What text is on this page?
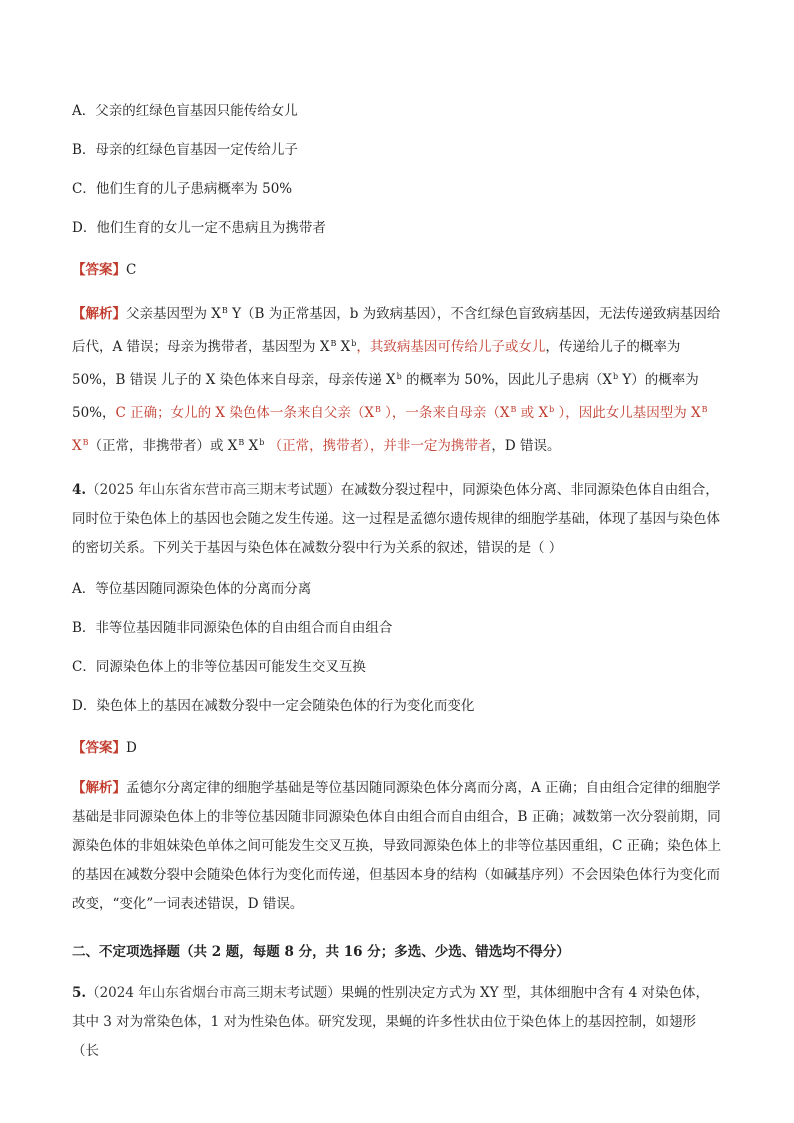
A．父亲的红绿色盲基因只能传给女儿
B．母亲的红绿色盲基因一定传给儿子
C．他们生育的儿子患病概率为 50%
D．他们生育的女儿一定不患病且为携带者
【答案】C
【解析】父亲基因型为 $X^B$ Y（B 为正常基因，b 为致病基因），不含红绿色盲致病基因，无法传递致病基因给后代，A 错误；母亲为携带者，基因型为 $X^B$ $X^b$，其致病基因可传给儿子或女儿，传递给儿子的概率为 50%，B 错误 儿子的 X 染色体来自母亲，母亲传递 $X^b$ 的概率为 50%，因此儿子患病（$X^b$ Y）的概率为 50%，C 正确；女儿的 X 染色体一条来自父亲（$X^B$ ），一条来自母亲（$X^B$ 或 $X^b$ ），因此女儿基因型为 $X^B$ $X^B$（正常，非携带者）或 $X^B$ $X^b$ （正常，携带者），并非一定为携带者，D 错误。
4.（2025 年山东省东营市高三期末考试题）在减数分裂过程中，同源染色体分离、非同源染色体自由组合，同时位于染色体上的基因也会随之发生传递。这一过程是孟德尔遗传规律的细胞学基础，体现了基因与染色体的密切关系。下列关于基因与染色体在减数分裂中行为关系的叙述，错误的是（ ）
A．等位基因随同源染色体的分离而分离
B．非等位基因随非同源染色体的自由组合而自由组合
C．同源染色体上的非等位基因可能发生交叉互换
D．染色体上的基因在减数分裂中一定会随染色体的行为变化而变化
【答案】D
【解析】孟德尔分离定律的细胞学基础是等位基因随同源染色体分离而分离，A 正确；自由组合定律的细胞学基础是非同源染色体上的非等位基因随非同源染色体自由组合而自由组合，B 正确；减数第一次分裂前期，同源染色体的非姐妹染色单体之间可能发生交叉互换，导致同源染色体上的非等位基因重组，C 正确；染色体上的基因在减数分裂中会随染色体行为变化而传递，但基因本身的结构（如碱基序列）不会因染色体行为变化而改变，“变化”一词表述错误，D 错误。
二、不定项选择题（共 2 题，每题 8 分，共 16 分；多选、少选、错选均不得分）
5.（2024 年山东省烟台市高三期末考试题）果蝇的性别决定方式为 XY 型，其体细胞中含有 4 对染色体，其中 3 对为常染色体，1 对为性染色体。研究发现，果蝇的许多性状由位于染色体上的基因控制，如翅形（长
